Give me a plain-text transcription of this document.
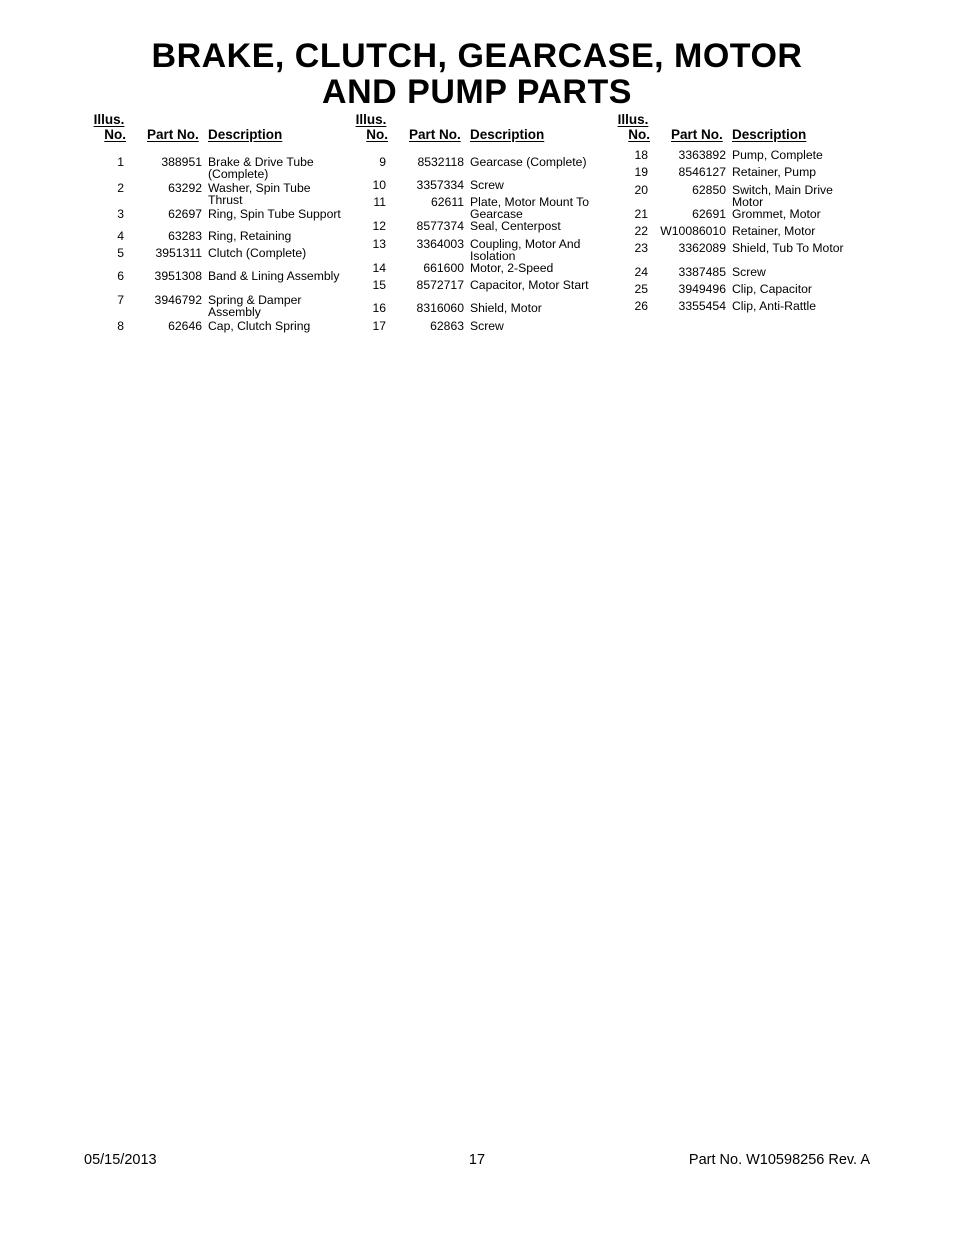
BRAKE, CLUTCH, GEARCASE, MOTOR
AND PUMP PARTS
Illus.
No. Part No. Description
1	388951 Brake & Drive Tube
(Complete)
2	63292 Washer, Spin Tube
Thrust
3	62697 Ring, Spin Tube Support
4	63283 Ring, Retaining
5	3951311 Clutch (Complete)
6	3951308 Band & Lining Assembly
7	3946792 Spring & Damper
Assembly
8	62646 Cap, Clutch Spring
Illus.
No. Part No. Description
9	8532118 Gearcase (Complete)
10	3357334 Screw
11	62611 Plate, Motor Mount To
Gearcase
12	8577374 Seal, Centerpost
13	3364003 Coupling, Motor And
Isolation
14	661600 Motor, 2-Speed
15	8572717 Capacitor, Motor Start
16	8316060 Shield, Motor
17	62863 Screw
Illus.
No. Part No. Description
18	3363892 Pump, Complete
19	8546127 Retainer, Pump
20	62850 Switch, Main Drive
Motor
21	62691 Grommet, Motor
22	W10086010 Retainer, Motor
23	3362089 Shield, Tub To Motor
24	3387485 Screw
25	3949496 Clip, Capacitor
26	3355454 Clip, Anti-Rattle
05/15/2013	17	Part No. W10598256 Rev. A
